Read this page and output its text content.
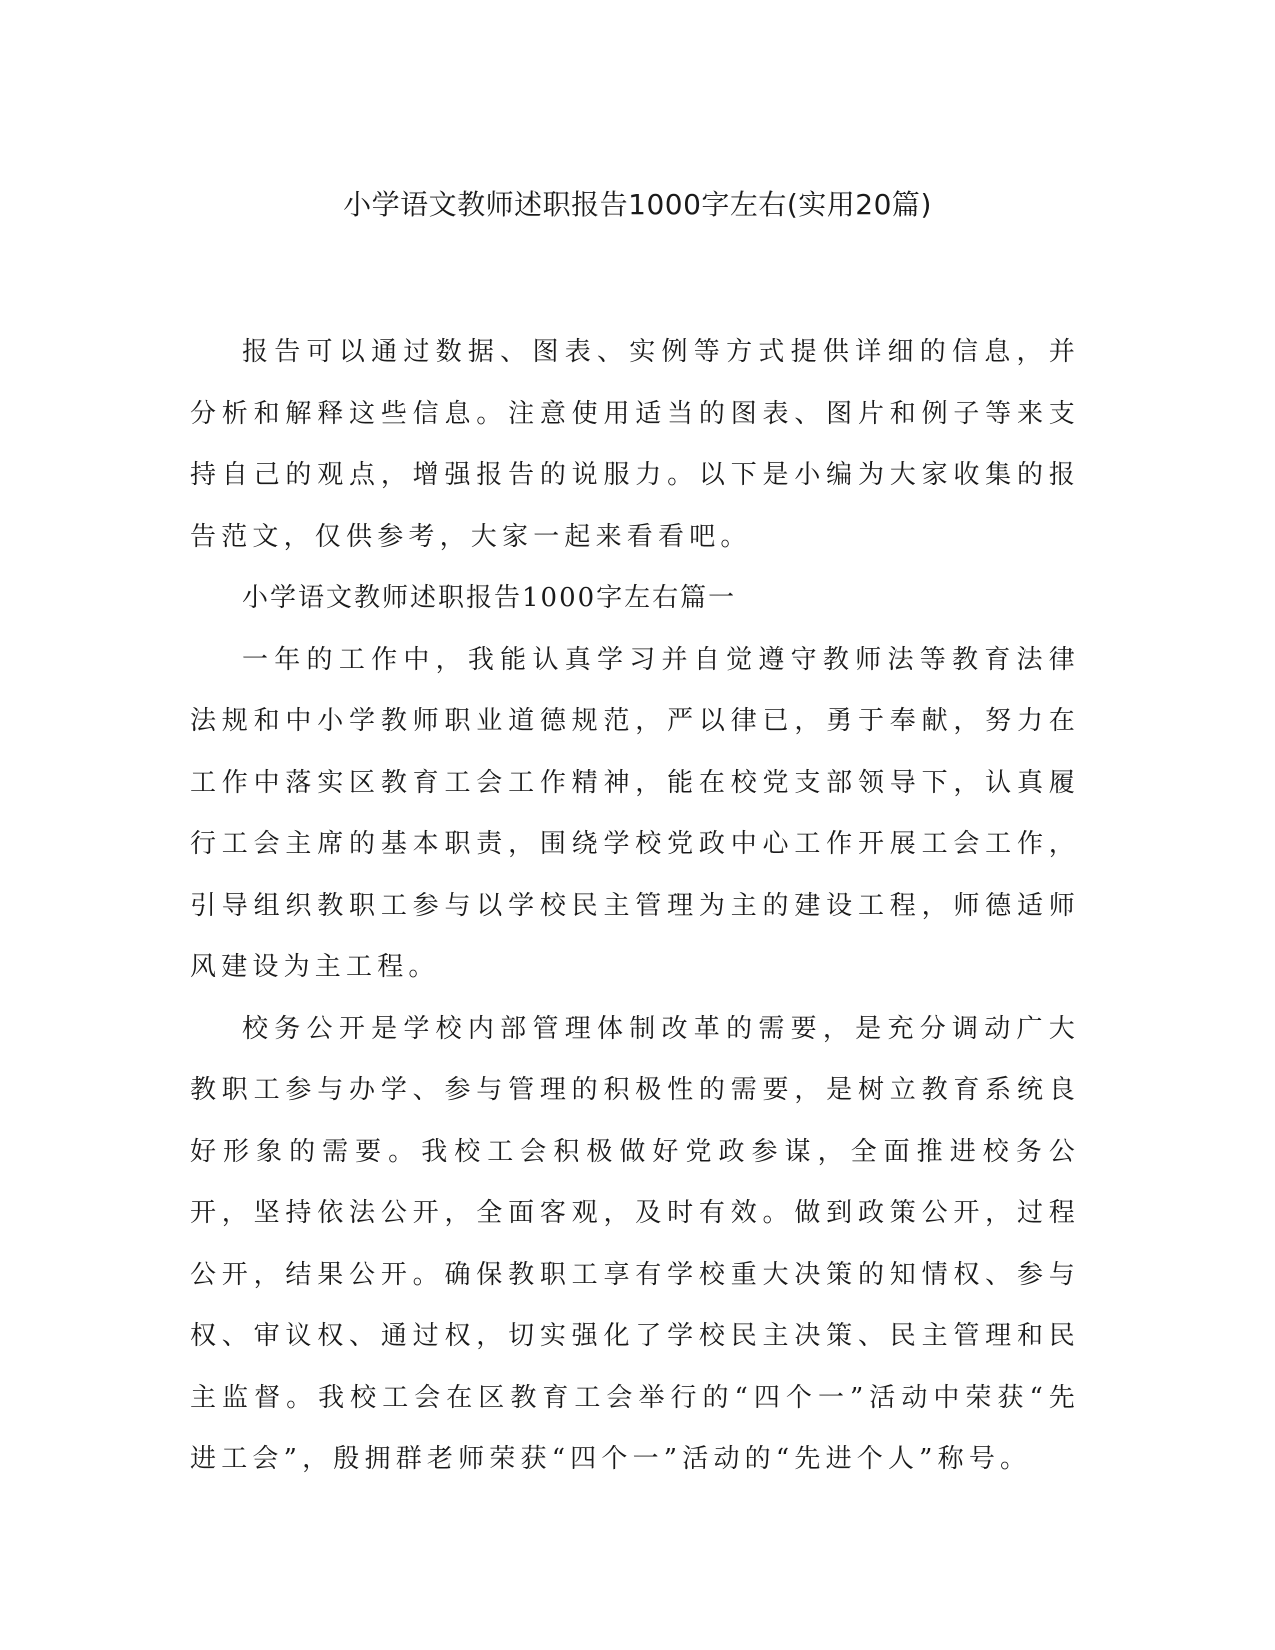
小学语文教师述职报告1000字左右(实用20篇)

报告可以通过数据、图表、实例等方式提供详细的信息，并分析和解释这些信息。注意使用适当的图表、图片和例子等来支持自己的观点，增强报告的说服力。以下是小编为大家收集的报告范文，仅供参考，大家一起来看看吧。

小学语文教师述职报告1000字左右篇一

一年的工作中，我能认真学习并自觉遵守教师法等教育法律法规和中小学教师职业道德规范，严以律已，勇于奉献，努力在工作中落实区教育工会工作精神，能在校党支部领导下，认真履行工会主席的基本职责，围绕学校党政中心工作开展工会工作，引导组织教职工参与以学校民主管理为主的建设工程，师德适师风建设为主工程。

校务公开是学校内部管理体制改革的需要，是充分调动广大教职工参与办学、参与管理的积极性的需要，是树立教育系统良好形象的需要。我校工会积极做好党政参谋，全面推进校务公开，坚持依法公开，全面客观，及时有效。做到政策公开，过程公开，结果公开。确保教职工享有学校重大决策的知情权、参与权、审议权、通过权，切实强化了学校民主决策、民主管理和民主监督。我校工会在区教育工会举行的“四个一”活动中荣获“先进工会”，殷拥群老师荣获“四个一”活动的“先进个人”称号。
